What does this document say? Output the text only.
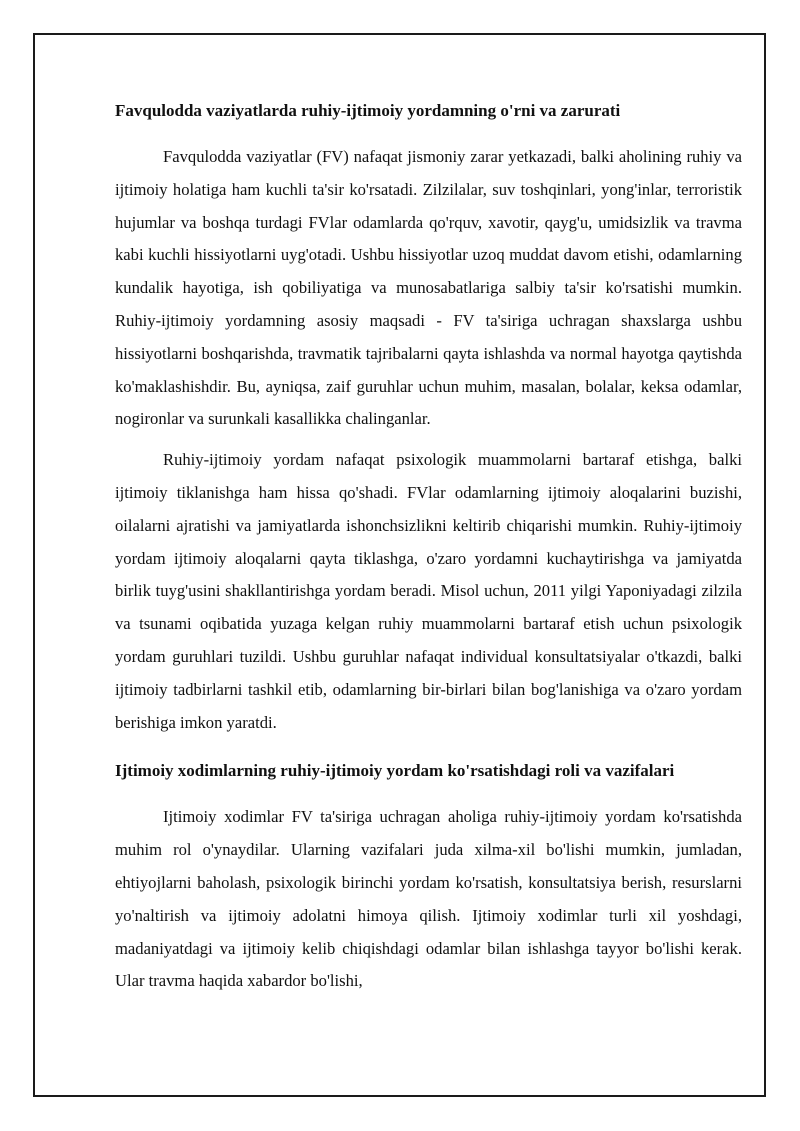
Favqulodda vaziyatlarda ruhiy-ijtimoiy yordamning o'rni va zarurati

Favqulodda vaziyatlar (FV) nafaqat jismoniy zarar yetkazadi, balki aholining ruhiy va ijtimoiy holatiga ham kuchli ta'sir ko'rsatadi. Zilzilalar, suv toshqinlari, yong'inlar, terroristik hujumlar va boshqa turdagi FVlar odamlarda qo'rquv, xavotir, qayg'u, umidsizlik va travma kabi kuchli hissiyotlarni uyg'otadi. Ushbu hissiyotlar uzoq muddat davom etishi, odamlarning kundalik hayotiga, ish qobiliyatiga va munosabatlariga salbiy ta'sir ko'rsatishi mumkin. Ruhiy-ijtimoiy yordamning asosiy maqsadi - FV ta'siriga uchragan shaxslarga ushbu hissiyotlarni boshqarishda, travmatik tajribalarni qayta ishlashda va normal hayotga qaytishda ko'maklashishdir. Bu, ayniqsa, zaif guruhlar uchun muhim, masalan, bolalar, keksa odamlar, nogironlar va surunkali kasallikka chalinganlar.

Ruhiy-ijtimoiy yordam nafaqat psixologik muammolarni bartaraf etishga, balki ijtimoiy tiklanishga ham hissa qo'shadi. FVlar odamlarning ijtimoiy aloqalarini buzishi, oilalarni ajratishi va jamiyatlarda ishonchsizlikni keltirib chiqarishi mumkin. Ruhiy-ijtimoiy yordam ijtimoiy aloqalarni qayta tiklashga, o'zaro yordamni kuchaytirishga va jamiyatda birlik tuyg'usini shakllantirishga yordam beradi. Misol uchun, 2011 yilgi Yaponiyadagi zilzila va tsunami oqibatida yuzaga kelgan ruhiy muammolarni bartaraf etish uchun psixologik yordam guruhlari tuzildi. Ushbu guruhlar nafaqat individual konsultatsiyalar o'tkazdi, balki ijtimoiy tadbirlarni tashkil etib, odamlarning bir-birlari bilan bog'lanishiga va o'zaro yordam berishiga imkon yaratdi.

Ijtimoiy xodimlarning ruhiy-ijtimoiy yordam ko'rsatishdagi roli va vazifalari

Ijtimoiy xodimlar FV ta'siriga uchragan aholiga ruhiy-ijtimoiy yordam ko'rsatishda muhim rol o'ynaydilar. Ularning vazifalari juda xilma-xil bo'lishi mumkin, jumladan, ehtiyojlarni baholash, psixologik birinchi yordam ko'rsatish, konsultatsiya berish, resurslarni yo'naltirish va ijtimoiy adolatni himoya qilish. Ijtimoiy xodimlar turli xil yoshdagi, madaniyatdagi va ijtimoiy kelib chiqishdagi odamlar bilan ishlashga tayyor bo'lishi kerak. Ular travma haqida xabardor bo'lishi,
